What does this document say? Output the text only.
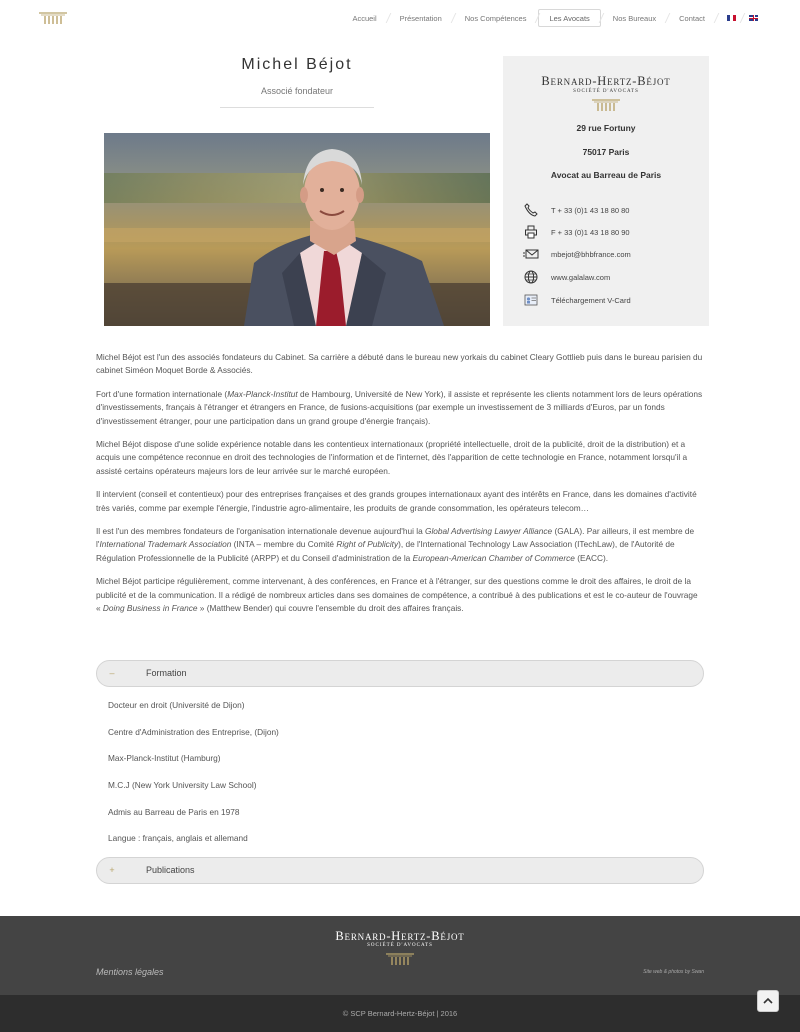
Accueil	Présentation	Nos Compétences	Les Avocats	Nos Bureaux	Contact
Michel Béjot
Associé fondateur
Bernard-Hertz-Béjot
SOCIÉTÉ D'AVOCATS
29 rue Fortuny
75017 Paris
Avocat au Barreau de Paris
T + 33 (0)1 43 18 80 80
F + 33 (0)1 43 18 80 90
mbejot@bhbfrance.com
www.galalaw.com
Téléchargement V-Card

Michel Béjot est l'un des associés fondateurs du Cabinet. Sa carrière a débuté dans le bureau new yorkais du cabinet Cleary Gottlieb puis dans le bureau parisien du cabinet Siméon Moquet Borde & Associés.

Fort d'une formation internationale (Max-Planck-Institut de Hambourg, Université de New York), il assiste et représente les clients notamment lors de leurs opérations d'investissements, français à l'étranger et étrangers en France, de fusions-acquisitions (par exemple un investissement de 3 milliards d'Euros, par un fonds d'investissement étranger, pour une participation dans un grand groupe d'énergie français).

Michel Béjot dispose d'une solide expérience notable dans les contentieux internationaux (propriété intellectuelle, droit de la publicité, droit de la distribution) et a acquis une compétence reconnue en droit des technologies de l'information et de l'internet, dès l'apparition de cette technologie en France, notamment lorsqu'il a assisté certains opérateurs majeurs lors de leur arrivée sur le marché européen.

Il intervient (conseil et contentieux) pour des entreprises françaises et des grands groupes internationaux ayant des intérêts en France, dans les domaines d'activité très variés, comme par exemple l'énergie, l'industrie agro-alimentaire, les produits de grande consommation, les opérateurs telecom…

Il est l'un des membres fondateurs de l'organisation internationale devenue aujourd'hui la Global Advertising Lawyer Alliance (GALA). Par ailleurs, il est membre de l'International Trademark Association (INTA – membre du Comité Right of Publicity), de l'International Technology Law Association (ITechLaw), de l'Autorité de Régulation Professionnelle de la Publicité (ARPP) et du Conseil d'administration de la European-American Chamber of Commerce (EACC).

Michel Béjot participe régulièrement, comme intervenant, à des conférences, en France et à l'étranger, sur des questions comme le droit des affaires, le droit de la publicité et de la communication. Il a rédigé de nombreux articles dans ses domaines de compétence, a contribué à des publications et est le co-auteur de l'ouvrage « Doing Business in France » (Matthew Bender) qui couvre l'ensemble du droit des affaires français.

–	Formation
Docteur en droit (Université de Dijon)
Centre d'Administration des Entreprise, (Dijon)
Max-Planck-Institut (Hamburg)
M.C.J (New York University Law School)
Admis au Barreau de Paris en 1978
Langue : français, anglais et allemand
+	Publications
Bernard-Hertz-Béjot
SOCIÉTÉ D'AVOCATS
Mentions légales	Site web & photos by Swan
© SCP Bernard-Hertz-Béjot | 2016
